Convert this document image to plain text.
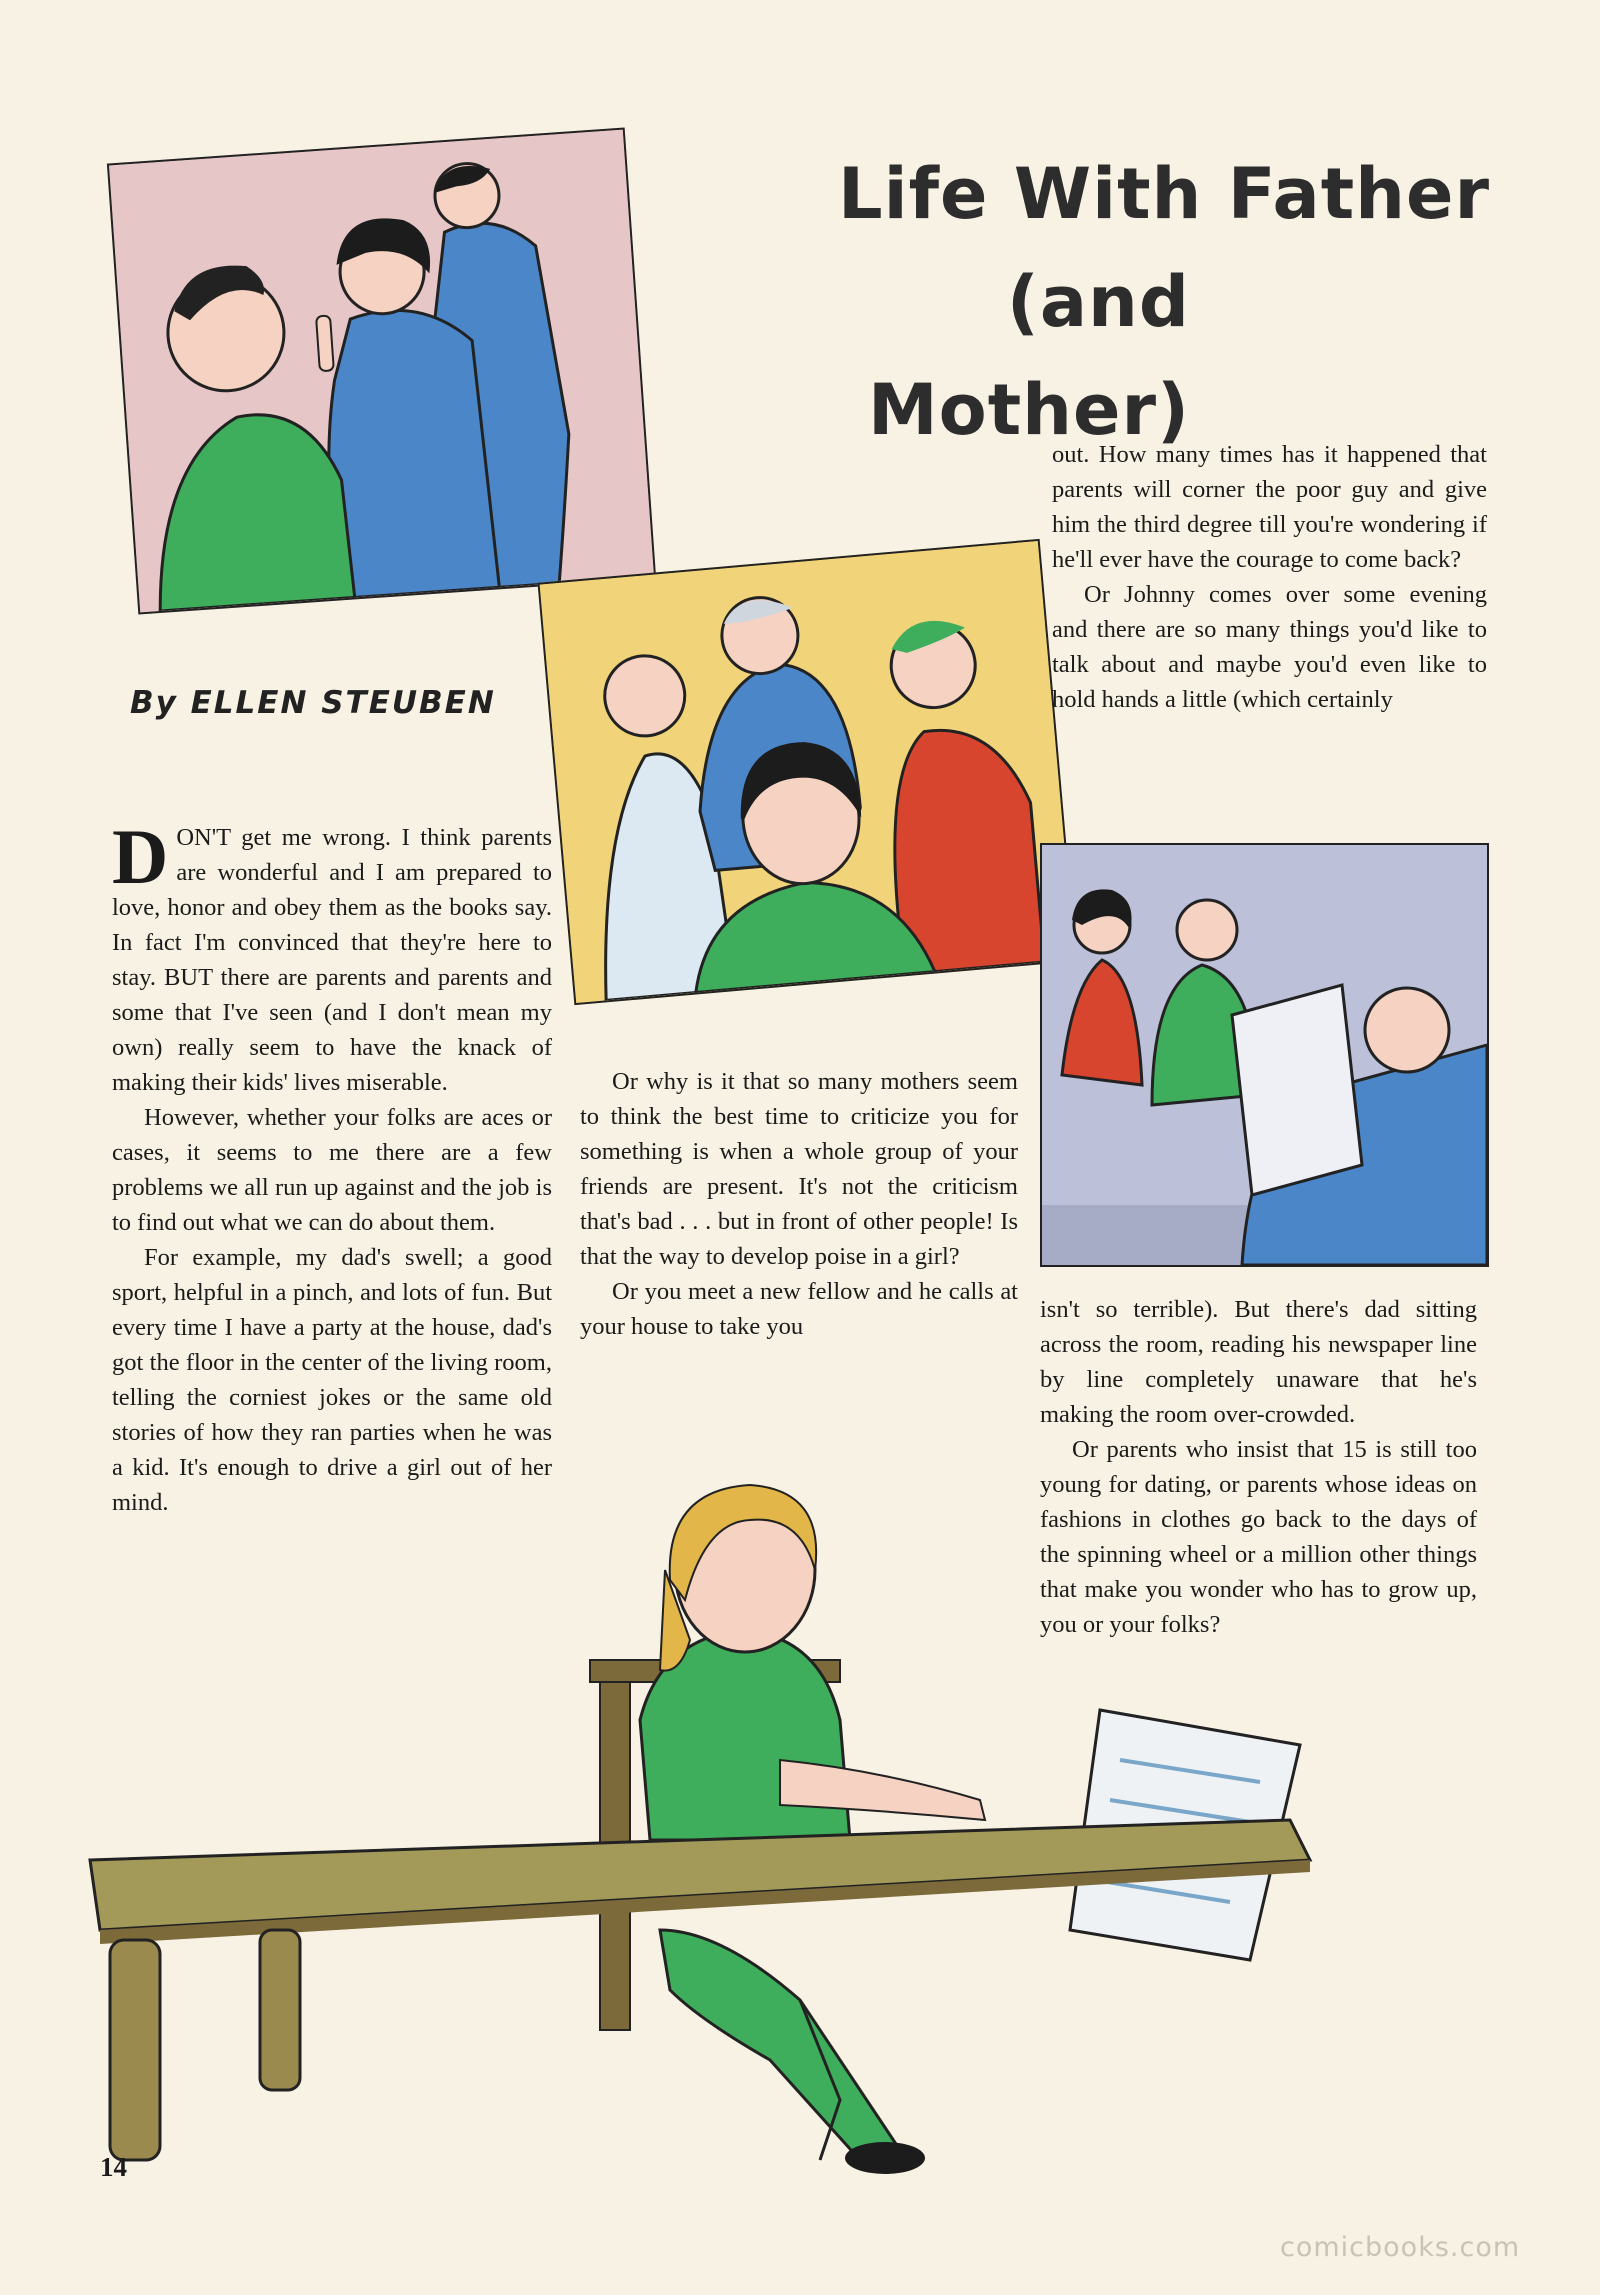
Life With Father

(and Mother)
By ELLEN STEUBEN

DON'T get me wrong. I think parents are wonderful and I am prepared to love, honor and obey them as the books say. In fact I'm convinced that they're here to stay. BUT there are parents and parents and some that I've seen (and I don't mean my own) really seem to have the knack of making their kids' lives miserable.

However, whether your folks are aces or cases, it seems to me there are a few problems we all run up against and the job is to find out what we can do about them.

For example, my dad's swell; a good sport, helpful in a pinch, and lots of fun. But every time I have a party at the house, dad's got the floor in the center of the living room, telling the corniest jokes or the same old stories of how they ran parties when he was a kid. It's enough to drive a girl out of her mind.

Or why is it that so many mothers seem to think the best time to criticize you for something is when a whole group of your friends are present. It's not the criticism that's bad . . . but in front of other people! Is that the way to develop poise in a girl?

Or you meet a new fellow and he calls at your house to take you

out. How many times has it happened that parents will corner the poor guy and give him the third degree till you're wondering if he'll ever have the courage to come back?

Or Johnny comes over some evening and there are so many things you'd like to talk about and maybe you'd even like to hold hands a little (which certainly

isn't so terrible). But there's dad sitting across the room, reading his newspaper line by line completely unaware that he's making the room over-crowded.

Or parents who insist that 15 is still too young for dating, or parents whose ideas on fashions in clothes go back to the days of the spinning wheel or a million other things that make you wonder who has to grow up, you or your folks?

14
comicbooks.com
